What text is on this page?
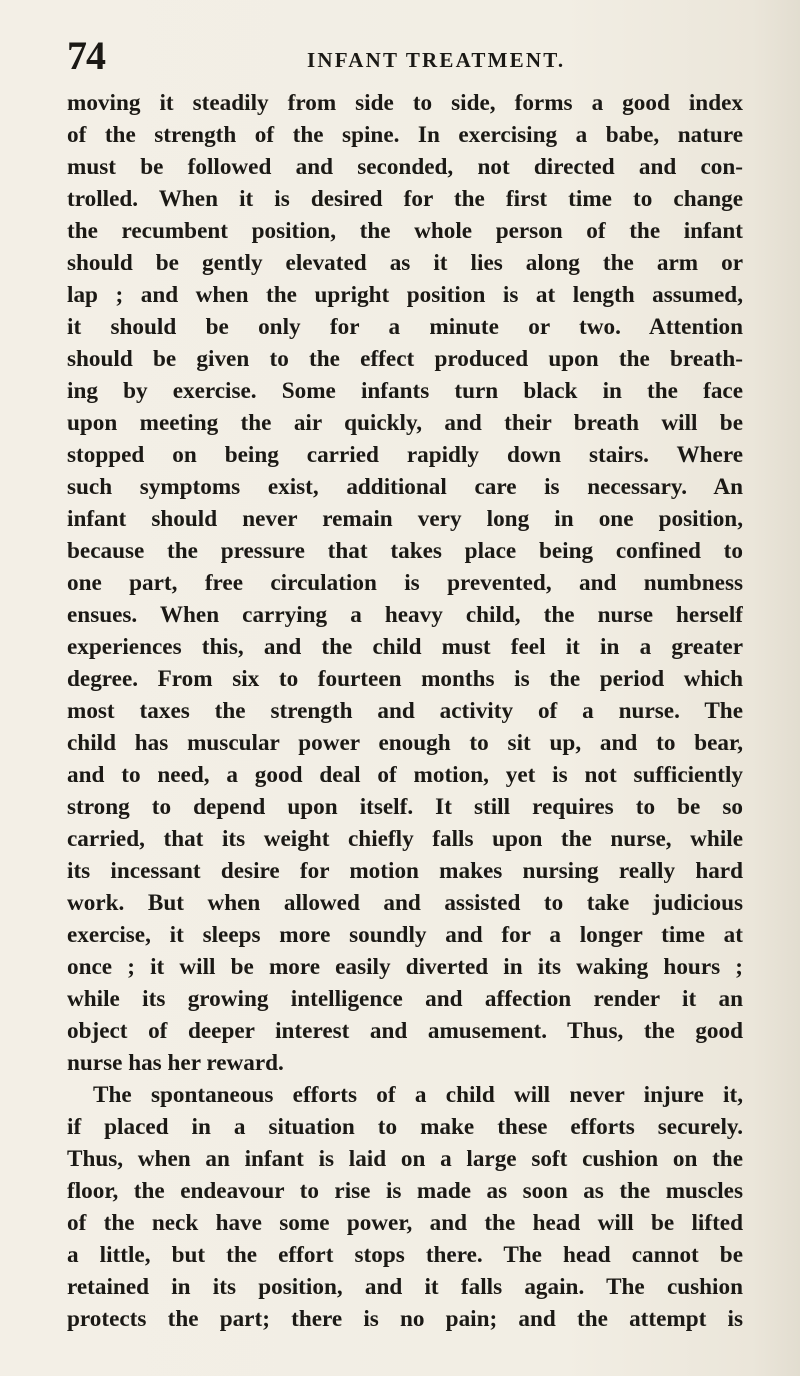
74	INFANT TREATMENT.
moving it steadily from side to side, forms a good index
of the strength of the spine. In exercising a babe, nature
must be followed and seconded, not directed and con-
trolled. When it is desired for the first time to change
the recumbent position, the whole person of the infant
should be gently elevated as it lies along the arm or
lap ; and when the upright position is at length assumed,
it should be only for a minute or two. Attention
should be given to the effect produced upon the breath-
ing by exercise. Some infants turn black in the face
upon meeting the air quickly, and their breath will be
stopped on being carried rapidly down stairs. Where
such symptoms exist, additional care is necessary. An
infant should never remain very long in one position,
because the pressure that takes place being confined to
one part, free circulation is prevented, and numbness
ensues. When carrying a heavy child, the nurse herself
experiences this, and the child must feel it in a greater
degree. From six to fourteen months is the period which
most taxes the strength and activity of a nurse. The
child has muscular power enough to sit up, and to bear,
and to need, a good deal of motion, yet is not sufficiently
strong to depend upon itself. It still requires to be so
carried, that its weight chiefly falls upon the nurse, while
its incessant desire for motion makes nursing really hard
work. But when allowed and assisted to take judicious
exercise, it sleeps more soundly and for a longer time at
once ; it will be more easily diverted in its waking hours ;
while its growing intelligence and affection render it an
object of deeper interest and amusement. Thus, the good
nurse has her reward.
The spontaneous efforts of a child will never injure it,
if placed in a situation to make these efforts securely.
Thus, when an infant is laid on a large soft cushion on the
floor, the endeavour to rise is made as soon as the muscles
of the neck have some power, and the head will be lifted
a little, but the effort stops there. The head cannot be
retained in its position, and it falls again. The cushion
protects the part; there is no pain; and the attempt is
